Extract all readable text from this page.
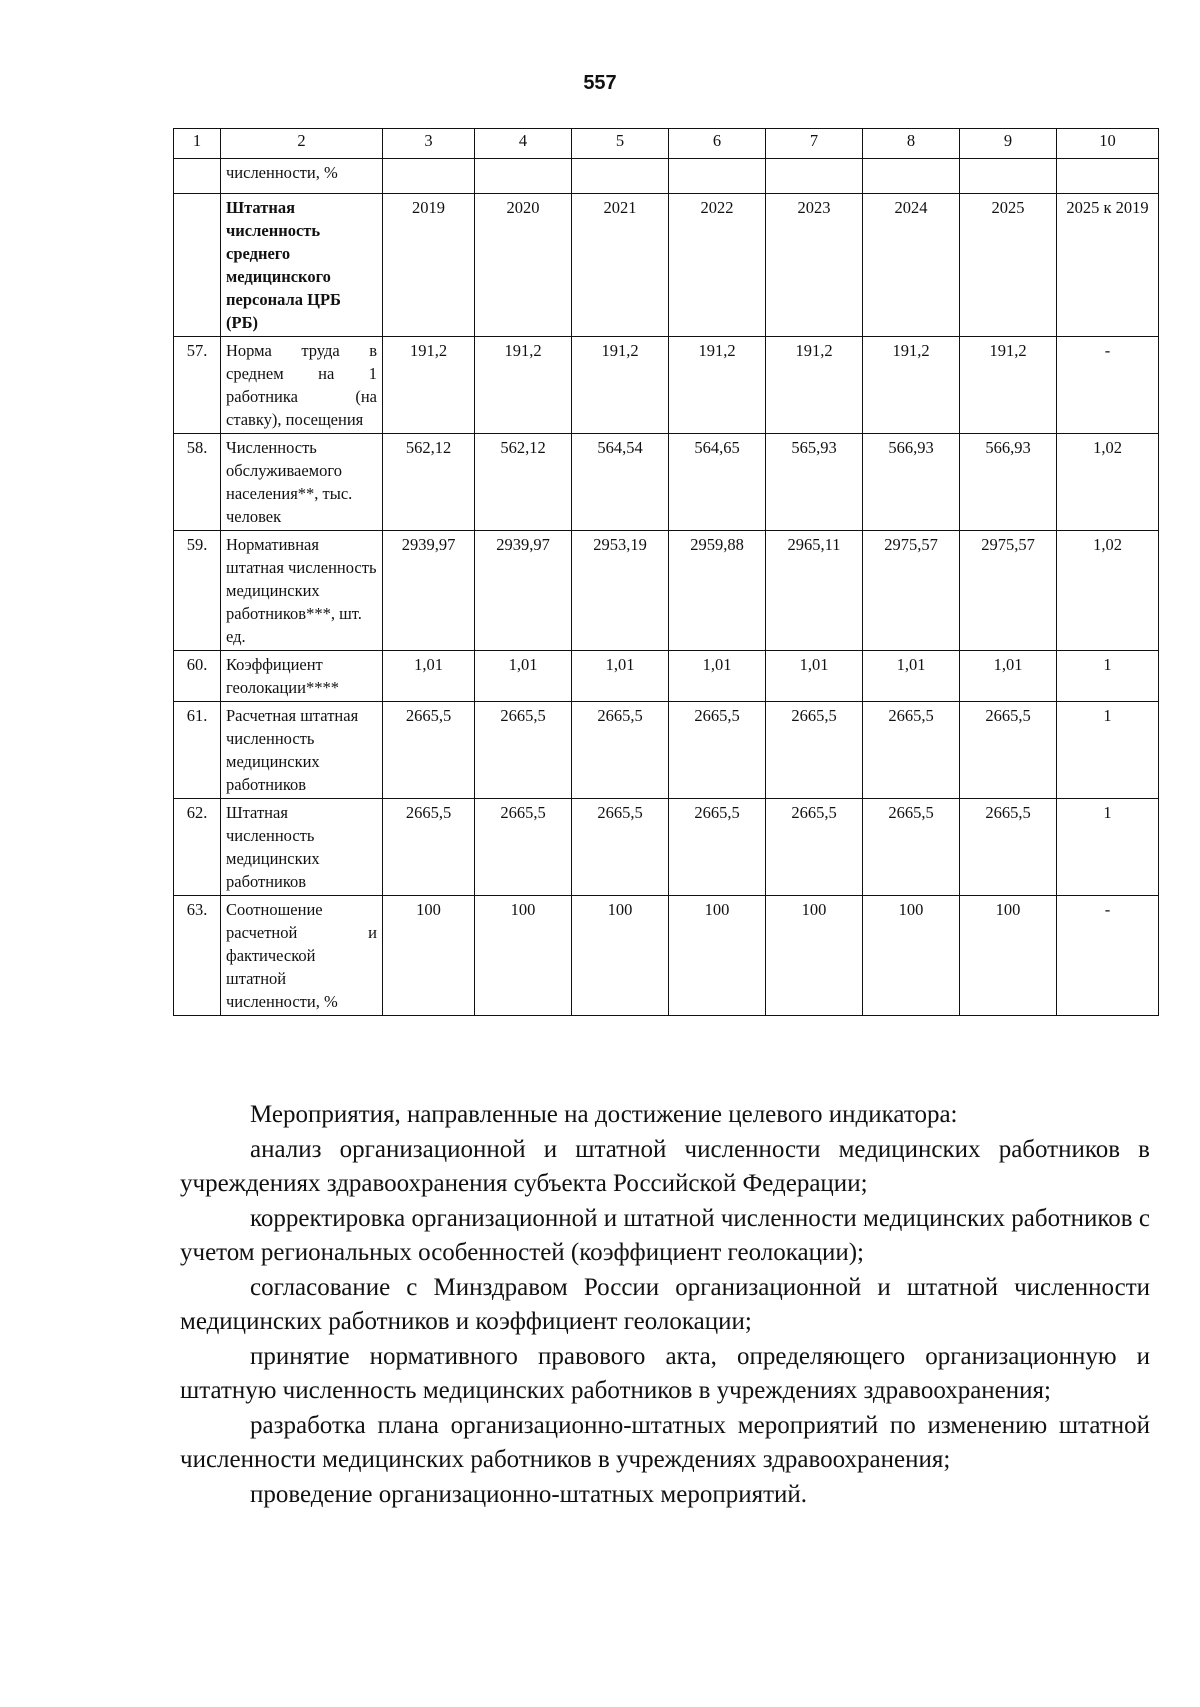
557
1	2	3	4	5	6	7	8	9	10
	численности, %								
	Штатная численность среднего медицинского персонала ЦРБ (РБ)	2019	2020	2021	2022	2023	2024	2025	2025 к 2019
57.	Норма труда в среднем на 1 работника (на ставку), посещения	191,2	191,2	191,2	191,2	191,2	191,2	191,2	-
58.	Численность обслуживаемого населения**, тыс. человек	562,12	562,12	564,54	564,65	565,93	566,93	566,93	1,02
59.	Нормативная штатная численность медицинских работников***, шт. ед.	2939,97	2939,97	2953,19	2959,88	2965,11	2975,57	2975,57	1,02
60.	Коэффициент геолокации****	1,01	1,01	1,01	1,01	1,01	1,01	1,01	1
61.	Расчетная штатная численность медицинских работников	2665,5	2665,5	2665,5	2665,5	2665,5	2665,5	2665,5	1
62.	Штатная численность медицинских работников	2665,5	2665,5	2665,5	2665,5	2665,5	2665,5	2665,5	1
63.	Соотношение расчетной и фактической штатной численности, %	100	100	100	100	100	100	100	-

Мероприятия, направленные на достижение целевого индикатора:

анализ организационной и штатной численности медицинских работников в учреждениях здравоохранения субъекта Российской Федерации;

корректировка организационной и штатной численности медицинских работников с учетом региональных особенностей (коэффициент геолокации);

согласование с Минздравом России организационной и штатной численности медицинских работников и коэффициент геолокации;

принятие нормативного правового акта, определяющего организационную и штатную численность медицинских работников в учреждениях здравоохранения;

разработка плана организационно-штатных мероприятий по изменению штатной численности медицинских работников в учреждениях здравоохранения;

проведение организационно-штатных мероприятий.
